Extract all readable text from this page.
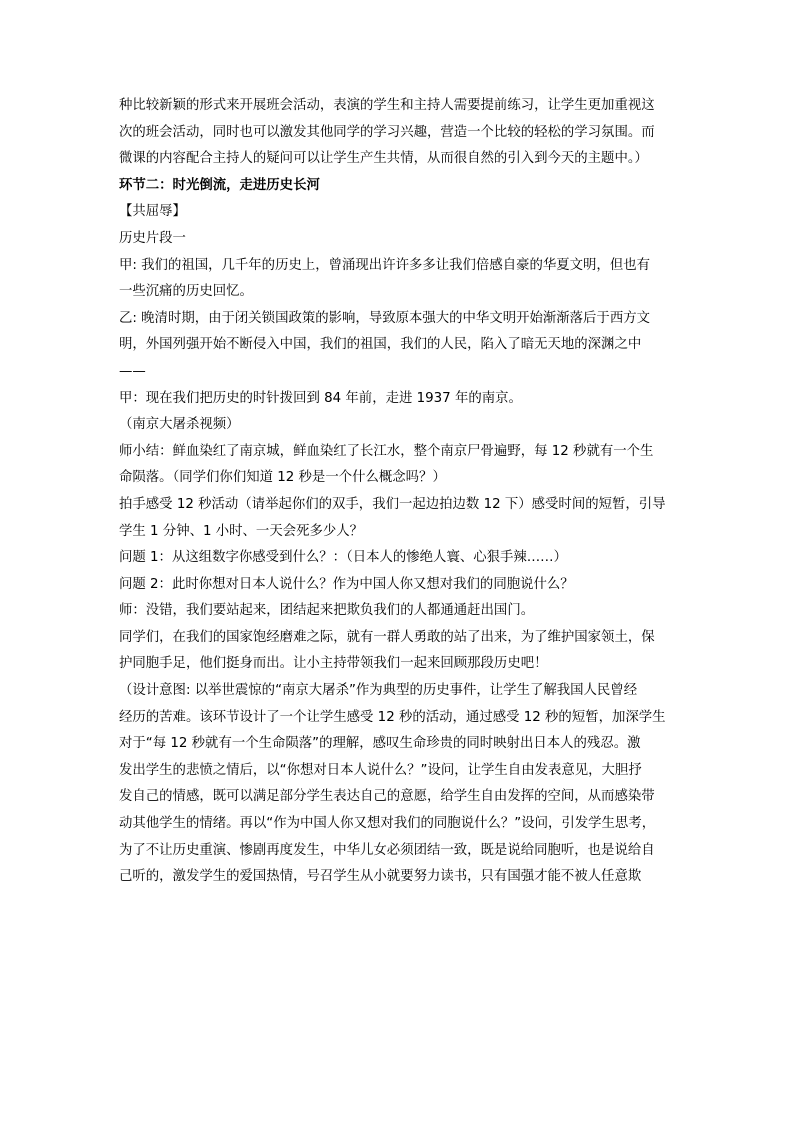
种比较新颖的形式来开展班会活动，表演的学生和主持人需要提前练习，让学生更加重视这

次的班会活动，同时也可以激发其他同学的学习兴趣，营造一个比较的轻松的学习氛围。而

微课的内容配合主持人的疑问可以让学生产生共情，从而很自然的引入到今天的主题中。）

环节二：时光倒流，走进历史长河

【共屈辱】

历史片段一

甲: 我们的祖国，几千年的历史上，曾涌现出许许多多让我们倍感自豪的华夏文明，但也有

一些沉痛的历史回忆。

乙: 晚清时期，由于闭关锁国政策的影响，导致原本强大的中华文明开始渐渐落后于西方文

明，外国列强开始不断侵入中国，我们的祖国，我们的人民，陷入了暗无天地的深渊之中

——

甲：现在我们把历史的时针拨回到 84 年前，走进 1937 年的南京。

（南京大屠杀视频）

师小结：鲜血染红了南京城，鲜血染红了长江水，整个南京尸骨遍野，每 12 秒就有一个生

命陨落。（同学们你们知道 12 秒是一个什么概念吗？）

拍手感受 12 秒活动（请举起你们的双手，我们一起边拍边数 12 下）感受时间的短暂，引导

学生 1 分钟、1 小时、一天会死多少人？

问题 1：从这组数字你感受到什么？：（日本人的惨绝人寰、心狠手辣……）

问题 2：此时你想对日本人说什么？作为中国人你又想对我们的同胞说什么？

师：没错，我们要站起来，团结起来把欺负我们的人都通通赶出国门。

同学们，在我们的国家饱经磨难之际，就有一群人勇敢的站了出来，为了维护国家领土，保

护同胞手足，他们挺身而出。让小主持带领我们一起来回顾那段历史吧！

（设计意图: 以举世震惊的“南京大屠杀”作为典型的历史事件，让学生了解我国人民曾经

经历的苦难。该环节设计了一个让学生感受 12 秒的活动，通过感受 12 秒的短暂，加深学生

对于“每 12 秒就有一个生命陨落”的理解，感叹生命珍贵的同时映射出日本人的残忍。激

发出学生的悲愤之情后，以“你想对日本人说什么？”设问，让学生自由发表意见，大胆抒

发自己的情感，既可以满足部分学生表达自己的意愿，给学生自由发挥的空间，从而感染带

动其他学生的情绪。再以“作为中国人你又想对我们的同胞说什么？”设问，引发学生思考，

为了不让历史重演、惨剧再度发生，中华儿女必须团结一致，既是说给同胞听，也是说给自

己听的，激发学生的爱国热情，号召学生从小就要努力读书，只有国强才能不被人任意欺
